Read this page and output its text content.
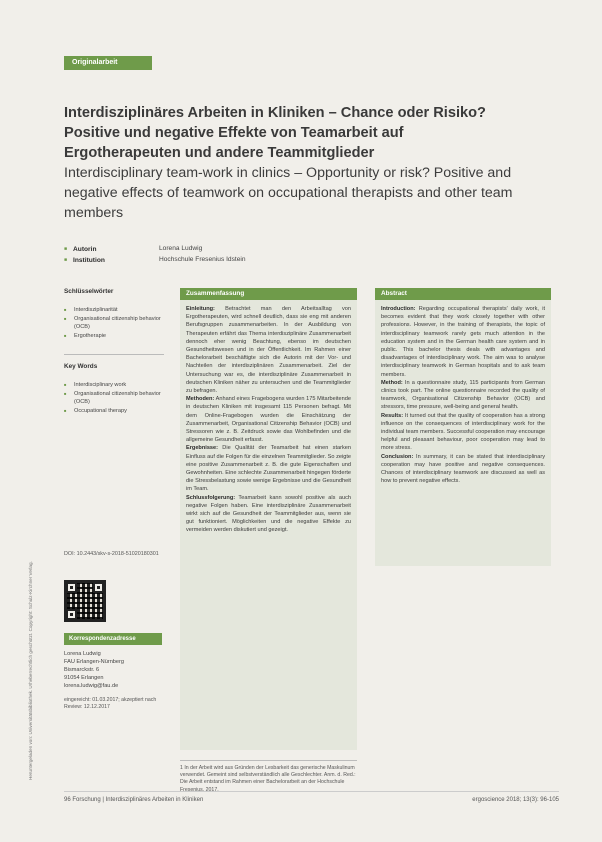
Heruntergeladen von: Universitätsbibliothek. Urheberrechtlich geschützt. Copyright: Schulz-Kirchner Verlag.
Originalarbeit
Interdisziplinäres Arbeiten in Kliniken – Chance oder Risiko? Positive und negative Effekte von Teamarbeit auf Ergotherapeuten und andere Teammitglieder
Interdisciplinary team-work in clinics – Opportunity or risk? Positive and negative effects of teamwork on occupational therapists and other team members
■ Autorin	Lorena Ludwig
■ Institution	Hochschule Fresenius Idstein
Schlüsselwörter
■ Interdisziplinarität
■ Organisational citizenship behavior (OCB)
■ Ergotherapie
Key Words
■ Interdisciplinary work
■ Organisational citizenship behavior (OCB)
■ Occupational therapy
DOI: 10.2443/skv-s-2018-51020180301
Korrespondenzadresse
Lorena Ludwig
FAU Erlangen-Nürnberg
Bismarckstr. 6
91054 Erlangen
lorena.ludwig@fau.de
eingereicht: 01.03.2017; akzeptiert nach Review: 12.12.2017
Zusammenfassung

Einleitung: Betrachtet man den Arbeitsalltag von Ergotherapeuten, wird schnell deutlich, dass sie eng mit anderen Berufsgruppen zusammenarbeiten. In der Ausbildung von Therapeuten erfährt das Thema interdisziplinäre Zusammenarbeit dennoch eher wenig Beachtung, ebenso im deutschen Gesundheitswesen und in der Öffentlichkeit. Im Rahmen einer Bachelorarbeit beschäftigte sich die Autorin mit der Vor- und Nachteilen der interdisziplinären Zusammenarbeit. Ziel der Untersuchung war es, die interdisziplinäre Zusammenarbeit in deutschen Kliniken näher zu untersuchen und die Teammitglieder zu befragen.

Methoden: Anhand eines Fragebogens wurden 175 Mitarbeitende in deutschen Kliniken mit insgesamt 115 Personen befragt. Mit dem Online-Fragebogen wurden die Einschätzung der Zusammenarbeit, Organisational Citizenship Behavior (OCB) und Stressoren wie z. B. Zeitdruck sowie das Wohlbefinden und die allgemeine Gesundheit erfasst.

Ergebnisse: Die Qualität der Teamarbeit hat einen starken Einfluss auf die Folgen für die einzelnen Teammitglieder. So zeigte eine positive Zusammenarbeit z. B. die gute Eigenschaften und Gewohnheiten. Eine schlechte Zusammenarbeit hingegen förderte die Stressbelastung sowie wenige Ergebnisse und die Gesundheit im Team.

Schlussfolgerung: Teamarbeit kann sowohl positive als auch negative Folgen haben. Eine interdisziplinäre Zusammenarbeit wirkt sich auf die Gesundheit der Teammitglieder aus, wenn sie gut funktioniert. Möglichkeiten und die negative Effekte zu vermeiden werden diskutiert und gezeigt.

Abstract

Introduction: Regarding occupational therapists' daily work, it becomes evident that they work closely together with other professions. However, in the training of therapists, the topic of interdisciplinary teamwork rarely gets much attention in the education system and in the German health care system and in public. This bachelor thesis deals with advantages and disadvantages of interdisciplinary work. The aim was to analyse interdisciplinary teamwork in German hospitals and to ask team members.

Method: In a questionnaire study, 115 participants from German clinics took part. The online questionnaire recorded the quality of teamwork, Organisational Citizenship Behavior (OCB) and stressors, time pressure, well-being and general health.

Results: It turned out that the quality of cooperation has a strong influence on the consequences of interdisciplinary work for the individual team members. Successful cooperation may encourage helpful and pleasant behaviour, poor cooperation may lead to more stress.

Conclusion: In summary, it can be stated that interdisciplinary cooperation may have positive and negative consequences. Chances of interdisciplinary teamwork are discussed as well as how to prevent negative effects.

1 In der Arbeit wird aus Gründen der Lesbarkeit das generische Maskulinum verwendet. Gemeint sind selbstverständlich alle Geschlechter. Anm. d. Red.: Die Arbeit entstand im Rahmen einer Bachelorarbeit an der Hochschule Fresenius, 2017.
96 Forschung | Interdisziplinäres Arbeiten in Kliniken	ergoscience 2018; 13(3): 96-105
